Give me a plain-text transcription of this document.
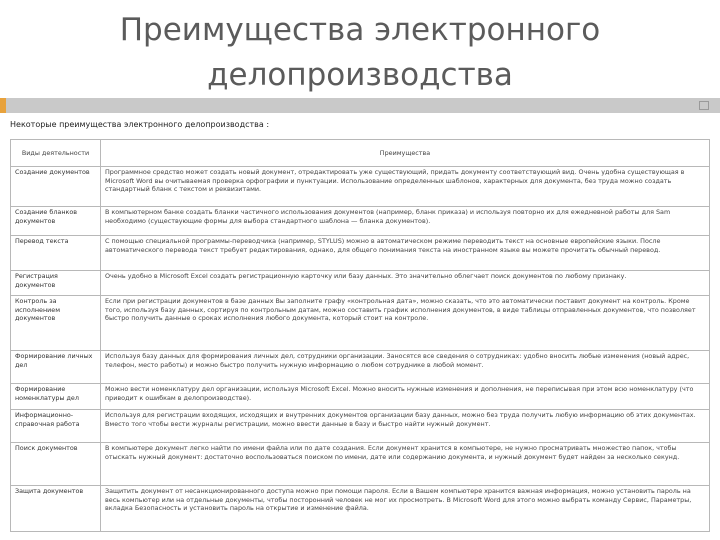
Преимущества электронного
делопроизводства
Некоторые преимущества электронного делопроизводства :
Виды деятельности	Преимущества
Создание документов	Программное средство может создать новый документ, отредактировать уже существующий, придать документу соответствующий вид. Очень удобна существующая в Microsoft Word вы очитываемая проверка орфографии и пунктуации. Использование определенных шаблонов, характерных для документа, без труда можно создать стандартный бланк с текстом и реквизитами.
Создание бланков документов	В компьютерном банке создать бланки частичного использования документов (например, бланк приказа) и используя повторно их для ежедневной работы для Sam необходимо (существующие формы для выбора стандартного шаблона — бланка документов).
Перевод текста	С помощью специальной программы-переводчика (например, STYLUS) можно в автоматическом режиме переводить текст на основные европейские языки. После автоматического перевода текст требует редактирования, однако, для общего понимания текста на иностранном языке вы можете прочитать обычный перевод.
Регистрация документов	Очень удобно в Microsoft Excel создать регистрационную карточку или базу данных. Это значительно облегчает поиск документов по любому признаку.
Контроль за исполнением документов	Если при регистрации документов в базе данных Вы заполните графу «контрольная дата», можно сказать, что это автоматически поставит документ на контроль. Кроме того, используя базу данных, сортируя по контрольным датам, можно составить график исполнения документов, в виде таблицы отправленных документов, что позволяет быстро получить данные о сроках исполнения любого документа, который стоит на контроле.
Формирование личных дел	Используя базу данных для формирования личных дел, сотрудники организации. Заносятся все сведения о сотрудниках: удобно вносить любые изменения (новый адрес, телефон, место работы) и можно быстро получить нужную информацию о любом сотруднике в любой момент.
Формирование номенклатуры дел	Можно вести номенклатуру дел организации, используя Microsoft Excel. Можно вносить нужные изменения и дополнения, не переписывая при этом всю номенклатуру (что приводит к ошибкам в делопроизводстве).
Информационно-справочная работа	Используя для регистрации входящих, исходящих и внутренних документов организации базу данных, можно без труда получить любую информацию об этих документах. Вместо того чтобы вести журналы регистрации, можно ввести данные в базу и быстро найти нужный документ.
Поиск документов	В компьютере документ легко найти по имени файла или по дате создания. Если документ хранится в компьютере, не нужно просматривать множество папок, чтобы отыскать нужный документ: достаточно воспользоваться поиском по имени, дате или содержанию документа, и нужный документ будет найден за несколько секунд.
Защита документов	Защитить документ от несанкционированного доступа можно при помощи пароля. Если в Вашем компьютере хранится важная информация, можно установить пароль на весь компьютер или на отдельные документы, чтобы посторонний человек не мог их просмотреть. В Microsoft Word для этого можно выбрать команду Сервис, Параметры, вкладка Безопасность и установить пароль на открытие и изменение файла.
